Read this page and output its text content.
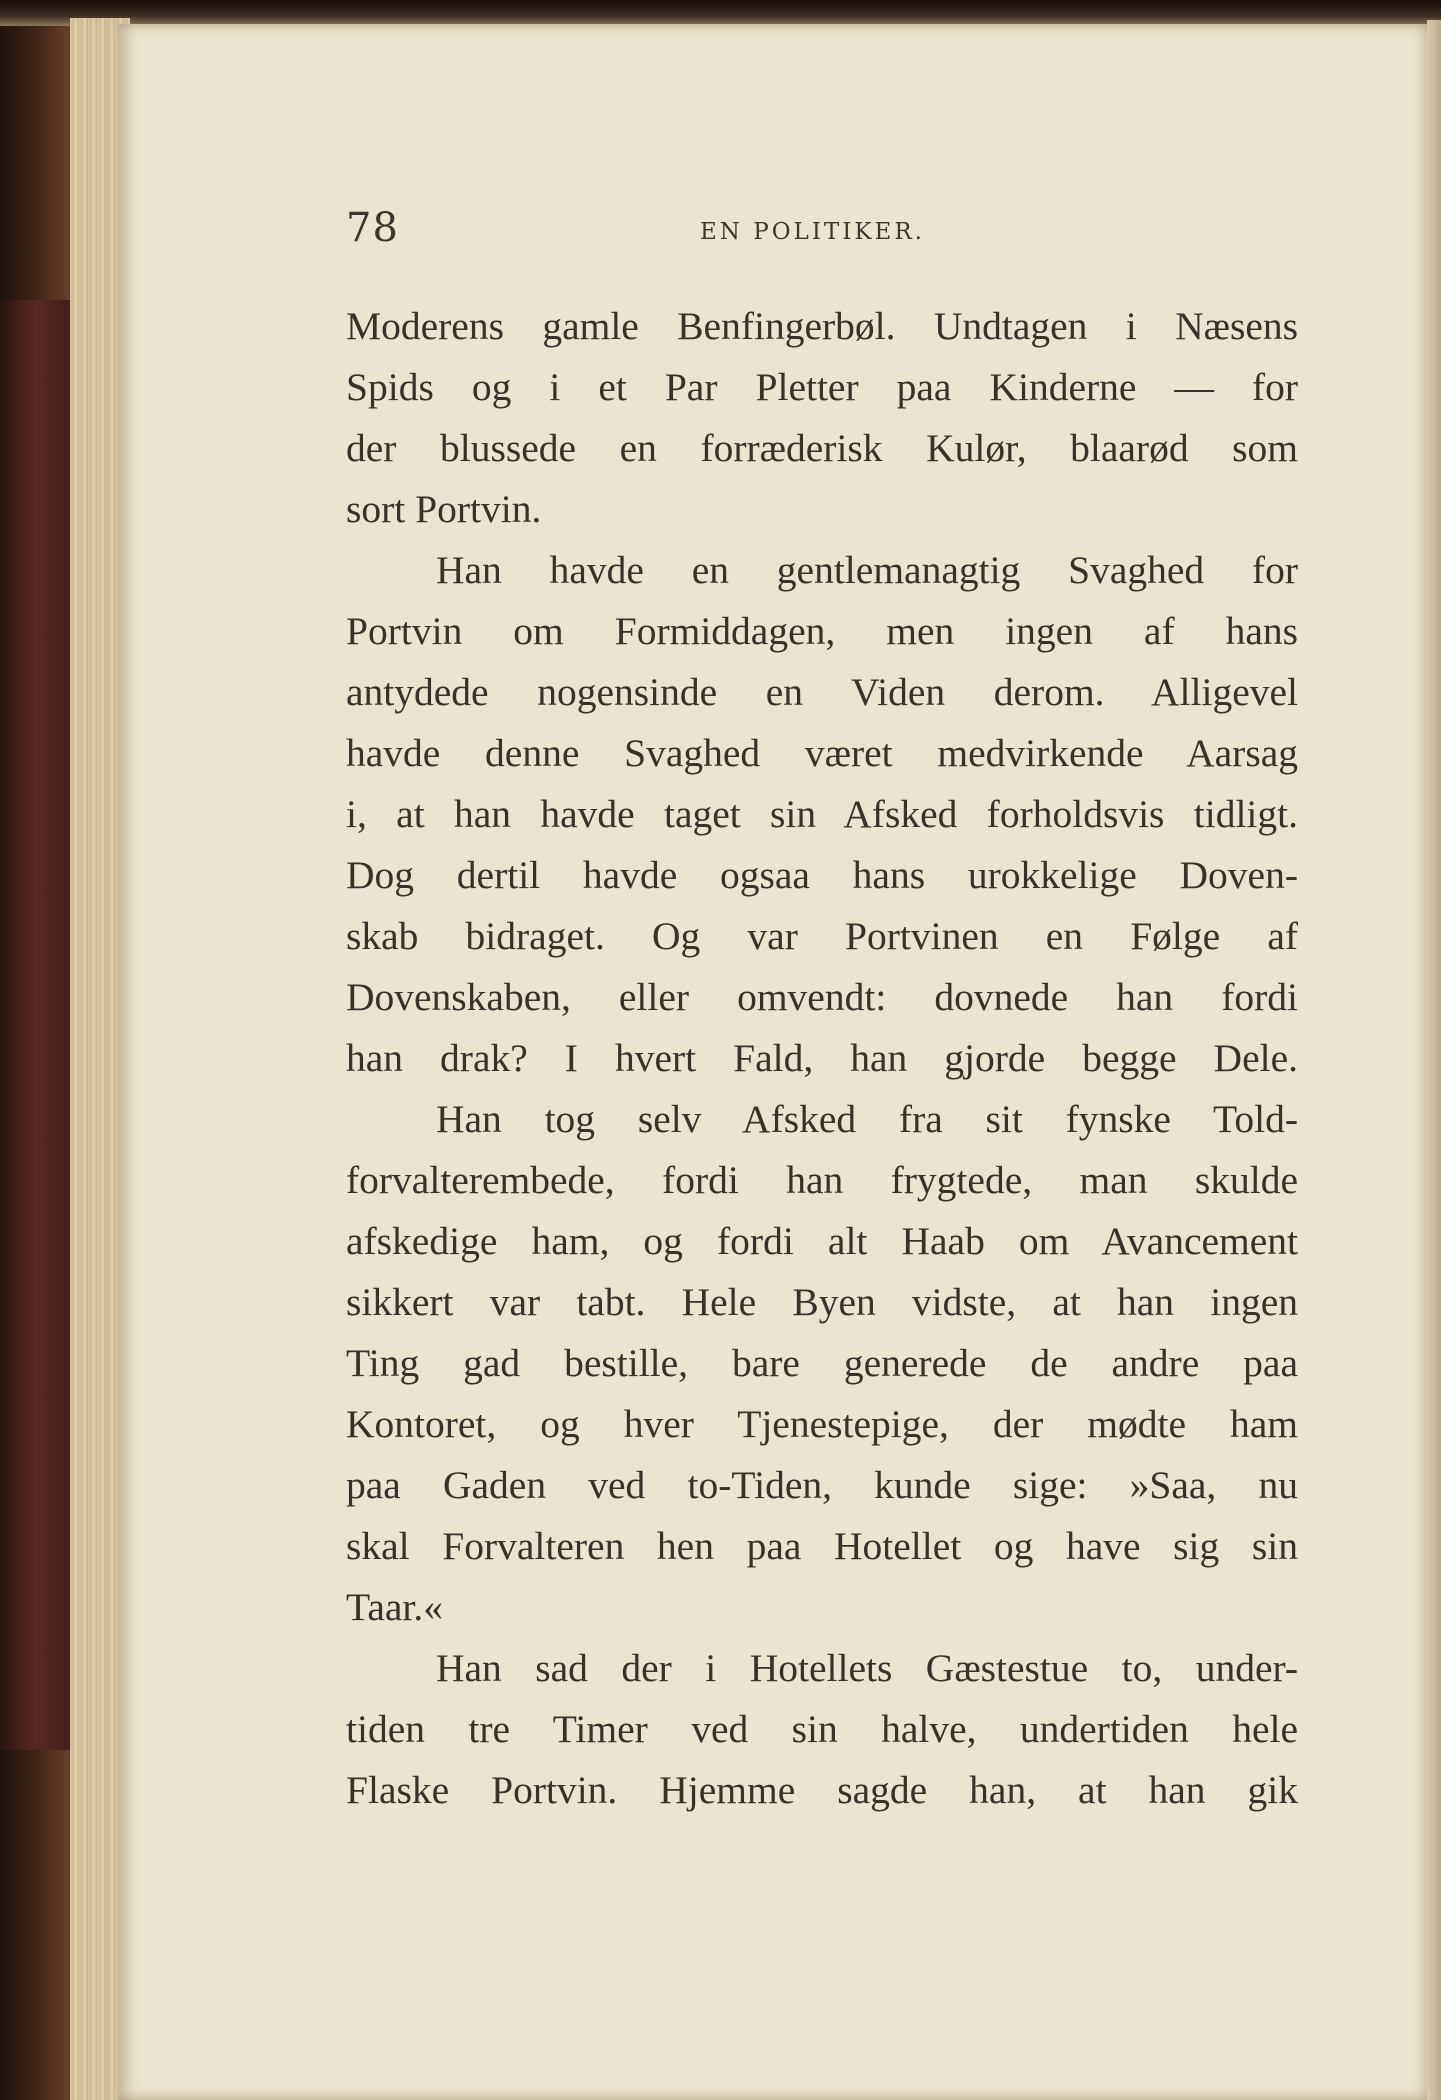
78	EN POLITIKER.
Moderens gamle Benfingerbøl. Undtagen i Næsens
Spids og i et Par Pletter paa Kinderne — for
der blussede en forræderisk Kulør, blaarød som
sort Portvin.
Han havde en gentlemanagtig Svaghed for
Portvin om Formiddagen, men ingen af hans
antydede nogensinde en Viden derom. Alligevel
havde denne Svaghed været medvirkende Aarsag
i, at han havde taget sin Afsked forholdsvis tidligt.
Dog dertil havde ogsaa hans urokkelige Doven-
skab bidraget. Og var Portvinen en Følge af
Dovenskaben, eller omvendt: dovnede han fordi
han drak? I hvert Fald, han gjorde begge Dele.
Han tog selv Afsked fra sit fynske Told-
forvalterembede, fordi han frygtede, man skulde
afskedige ham, og fordi alt Haab om Avancement
sikkert var tabt. Hele Byen vidste, at han ingen
Ting gad bestille, bare generede de andre paa
Kontoret, og hver Tjenestepige, der mødte ham
paa Gaden ved to-Tiden, kunde sige: »Saa, nu
skal Forvalteren hen paa Hotellet og have sig sin
Taar.«
Han sad der i Hotellets Gæstestue to, under-
tiden tre Timer ved sin halve, undertiden hele
Flaske Portvin. Hjemme sagde han, at han gik
